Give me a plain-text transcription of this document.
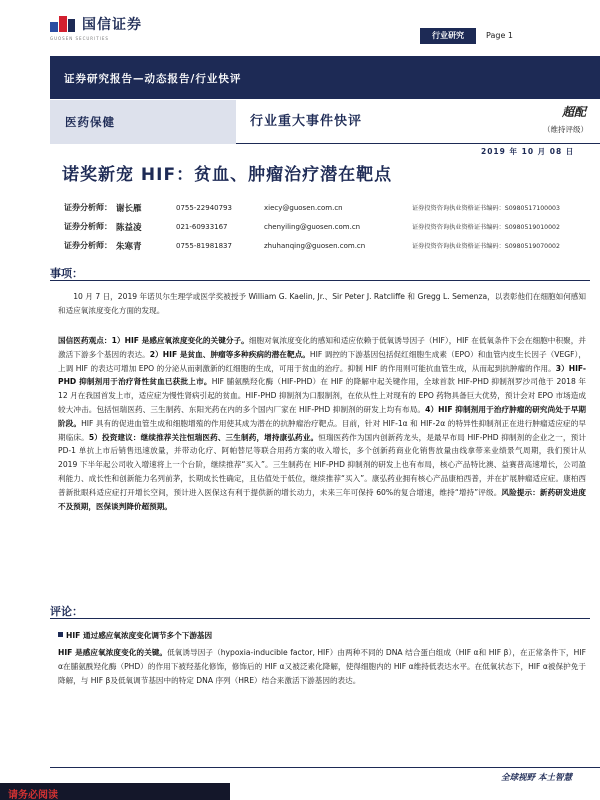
国信证券
GUOSEN SECURITIES	行业研究	Page 1
证券研究报告—动态报告/行业快评
医药保健	行业重大事件快评
超配
（维持评级）
2019 年 10 月 08 日
诺奖新宠 HIF：贫血、肿瘤治疗潜在靶点
证券分析师： 谢长雁	0755-22940793	xiecy@guosen.com.cn	证券投资咨询执业资格证书编码：S0980517100003
证券分析师： 陈益凌	021-60933167	chenyiling@guosen.com.cn	证券投资咨询执业资格证书编码：S0980519010002
证券分析师： 朱寒青	0755-81981837	zhuhanqing@guosen.com.cn	证券投资咨询执业资格证书编码：S0980519070002
事项：
10 月 7 日，2019 年诺贝尔生理学或医学奖被授予 William G. Kaelin, Jr.、Sir Peter J. Ratcliffe 和 Gregg L. Semenza，以表彰他们在细胞如何感知和适应氧浓度变化方面的发现。
国信医药观点：1）HIF 是感应氧浓度变化的关键分子。细胞对氧浓度变化的感知和适应依赖于低氧诱导因子（HIF），HIF 在低氧条件下会在细胞中积聚，并激活下游多个基因的表达。2）HIF 是贫血、肿瘤等多种疾病的潜在靶点。HIF 调控的下游基因包括促红细胞生成素（EPO）和血管内皮生长因子（VEGF），上调 HIF 的表达可增加 EPO 的分泌从而刺激新的红细胞的生成，可用于贫血的治疗。抑制 HIF 的作用则可能抗血管生成，从而起到抗肿瘤的作用。3）HIF-PHD 抑制剂用于治疗肾性贫血已获批上市。HIF 脯氨酰羟化酶（HIF-PHD）在 HIF 的降解中起关键作用，全球首款 HIF-PHD 抑制剂罗沙司他于 2018 年 12 月在我国首发上市，适应症为慢性肾病引起的贫血。HIF-PHD 抑制剂为口服制剂，在依从性上对现有的 EPO 药物具备巨大优势，预计会对 EPO 市场造成较大冲击。包括恒瑞医药、三生制药、东阳光药在内的多个国内厂家在 HIF-PHD 抑制剂的研发上均有布局。4）HIF 抑制剂用于治疗肿瘤的研究尚处于早期阶段。HIF 具有的促进血管生成和细胞增殖的作用使其成为潜在的抗肿瘤治疗靶点。目前，针对 HIF-1α 和 HIF-2α 的特异性抑制剂正在进行肿瘤适应症的早期临床。5）投资建议：继续推荐关注恒瑞医药、三生制药，增持康弘药业。恒瑞医药作为国内创新药龙头，是最早布局 HIF-PHD 抑制剂的企业之一，预计 PD-1 单抗上市后销售迅速放量，并带动化疗、阿帕替尼等联合用药方案的收入增长，多个创新药商业化销售放量由线拿带来业绩景气周期，我们预计从 2019 下半年起公司收入增速将上一个台阶，继续推荐“买入”。三生制药在 HIF-PHD 抑制剂的研发上也有布局，核心产品特比澳、益赛普高速增长，公司盈利能力、成长性和创新能力名列前茅，长期成长性确定，且估值处于低位，继续推荐“买入”。康弘药业拥有核心产品康柏西普，并在扩展肿瘤适应症。康柏西普新批眼科适应症打开增长空间，预计进入医保这有利于提供新的增长动力，未来三年可保持 60%的复合增速，维持“增持”评级。风险提示：新药研发进度不及预期，医保谈判降价超预期。
评论：
HIF 通过感应氧浓度变化调节多个下游基因
HIF 是感应氧浓度变化的关键。低氧诱导因子（hypoxia-inducible factor, HIF）由两种不同的 DNA 结合蛋白组成（HIF α和 HIF β），在正常条件下，HIF α在脯氨酰羟化酶（PHD）的作用下被羟基化修饰，修饰后的 HIF α又被泛素化降解，使得细胞内的 HIF α维持低表达水平。在低氧状态下，HIF α被保护免于降解，与 HIF β及低氧调节基因中的特定 DNA 序列（HRE）结合来激活下游基因的表达。
全球视野 本土智慧
请务必阅读
